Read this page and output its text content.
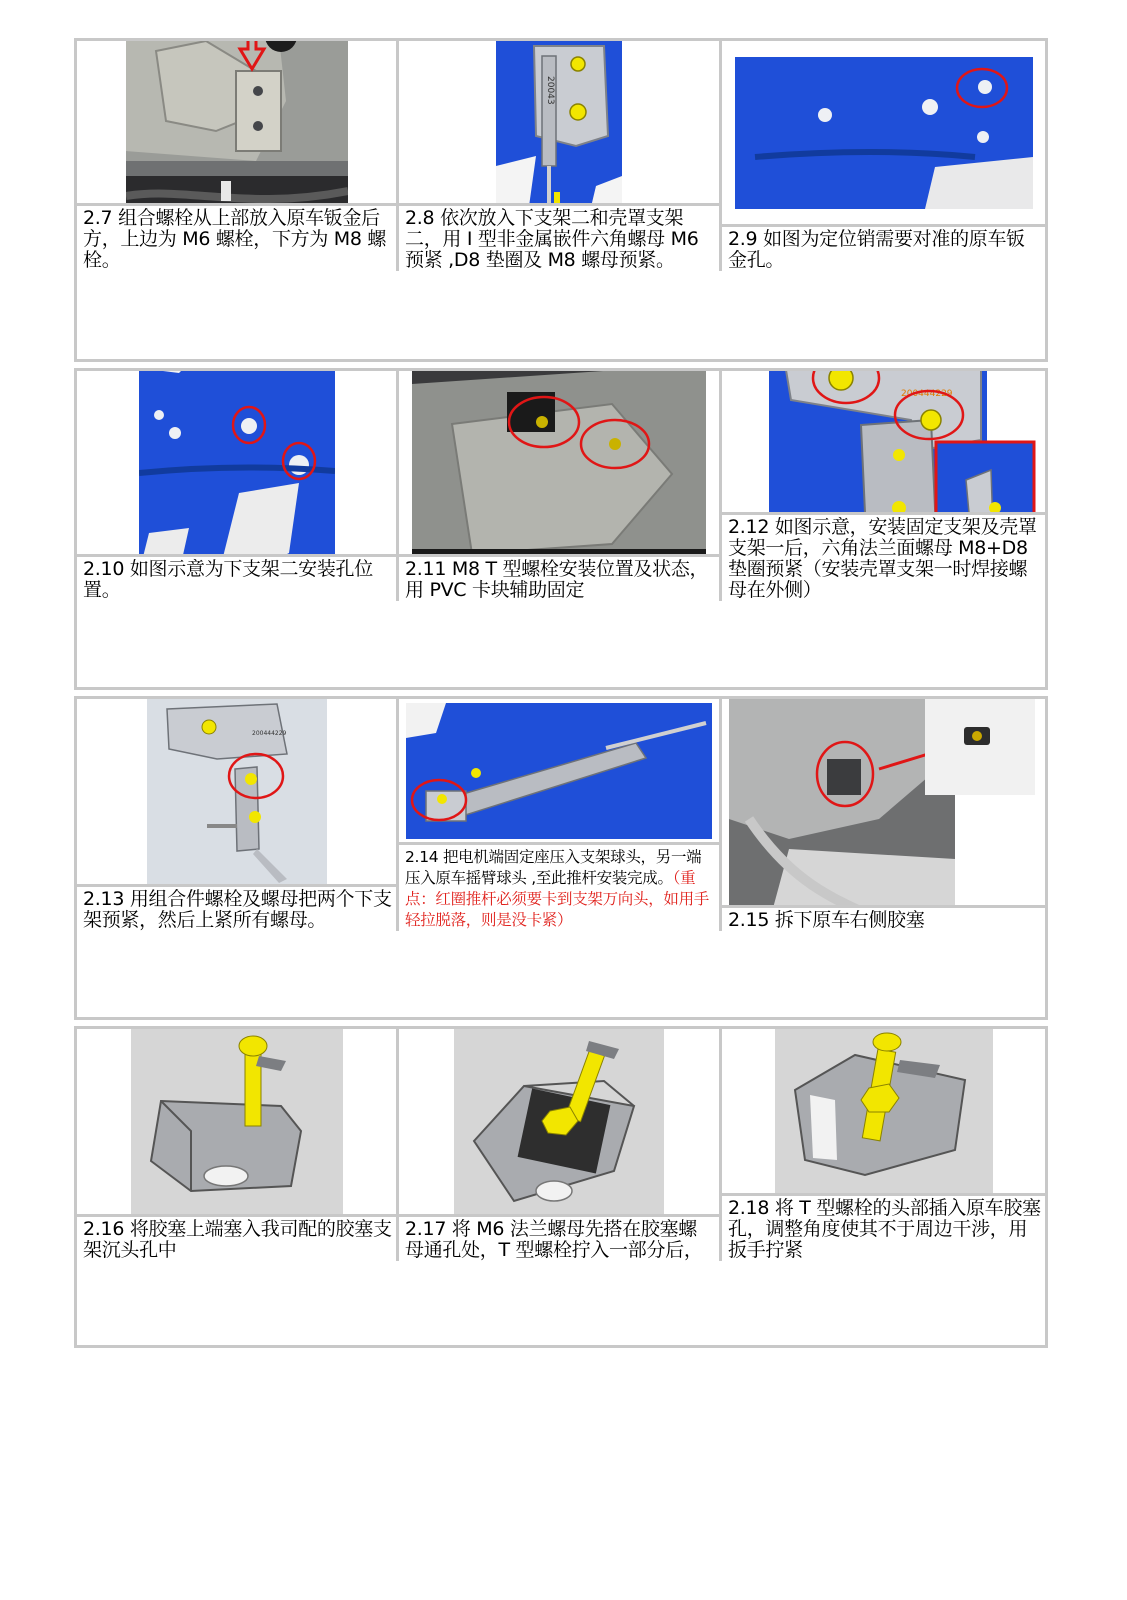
2.7 组合螺栓从上部放入原车钣金后方，上边为 M6 螺栓，下方为 M8 螺栓。
20043
2.8 依次放入下支架二和壳罩支架二，用 I 型非金属嵌件六角螺母 M6 预紧 ,D8 垫圈及 M8 螺母预紧。
2.9 如图为定位销需要对准的原车钣金孔。
2.10 如图示意为下支架二安装孔位置。
2.11 M8 T 型螺栓安装位置及状态，用 PVC 卡块辅助固定
200444229
2.12 如图示意，安装固定支架及壳罩支架一后，六角法兰面螺母 M8+D8 垫圈预紧（安装壳罩支架一时焊接螺母在外侧）
200444229
2.13 用组合件螺栓及螺母把两个下支架预紧，然后上紧所有螺母。
2.14 把电机端固定座压入支架球头，另一端压入原车摇臂球头 ,至此推杆安装完成。（重点：红圈推杆必须要卡到支架万向头，如用手轻拉脱落，则是没卡紧）	2.15 拆下原车右侧胶塞
2.16 将胶塞上端塞入我司配的胶塞支架沉头孔中
2.17 将 M6 法兰螺母先搭在胶塞螺母通孔处，T 型螺栓拧入一部分后，
2.18 将 T 型螺栓的头部插入原车胶塞孔，调整角度使其不于周边干涉，用扳手拧紧
